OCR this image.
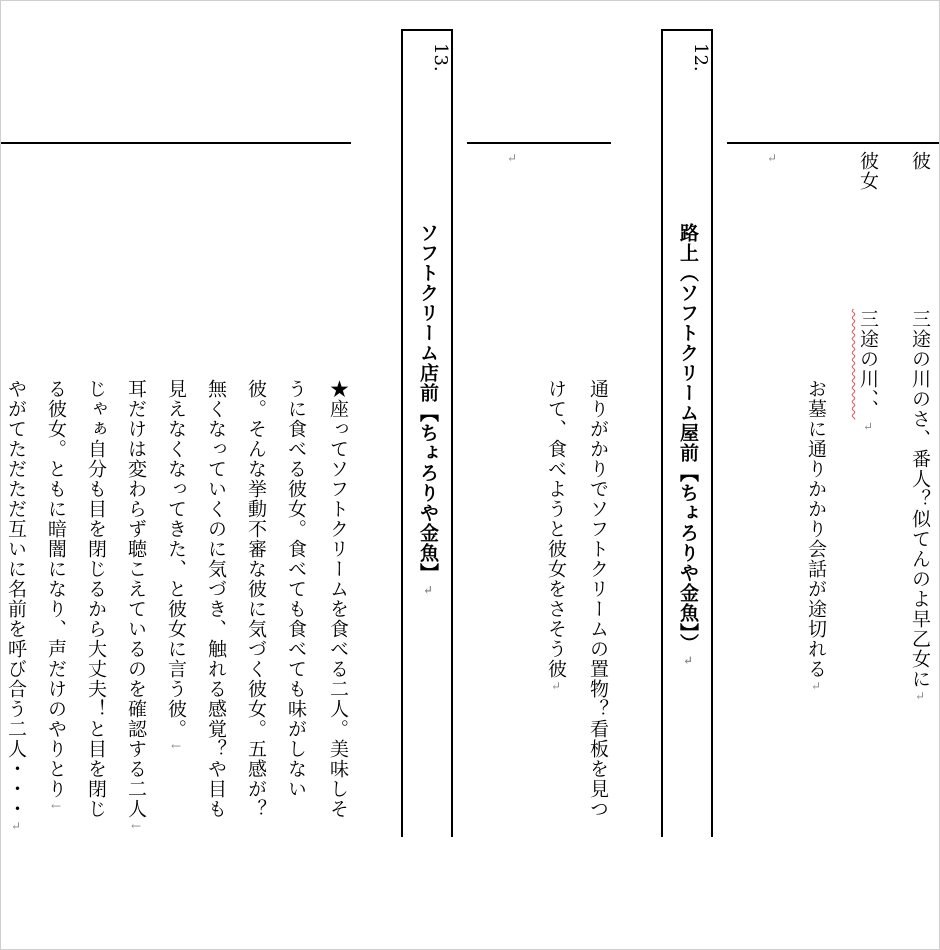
彼
三途の川のさ、番人？似てんのよ早乙女に↵
彼女
三途の川、、↵
お墓に通りかかり会話が途切れる↵
↵
12.
路上（ソフトクリーム屋前【ちょろりや金魚】）↵
通りがかりでソフトクリームの置物？看板を見つ
けて、食べようと彼女をさそう彼↵
↵
13.
ソフトクリーム店前【ちょろりや金魚】↵
★座ってソフトクリームを食べる二人。美味しそ
うに食べる彼女。食べても食べても味がしない
彼。そんな挙動不審な彼に気づく彼女。五感が？
無くなっていくのに気づき、触れる感覚？や目も
見えなくなってきた、と彼女に言う彼。←
耳だけは変わらず聴こえているのを確認する二人←
じゃぁ自分も目を閉じるから大丈夫！と目を閉じ
る彼女。ともに暗闇になり、声だけのやりとり←
やがてただただ互いに名前を呼び合う二人・・・↵
